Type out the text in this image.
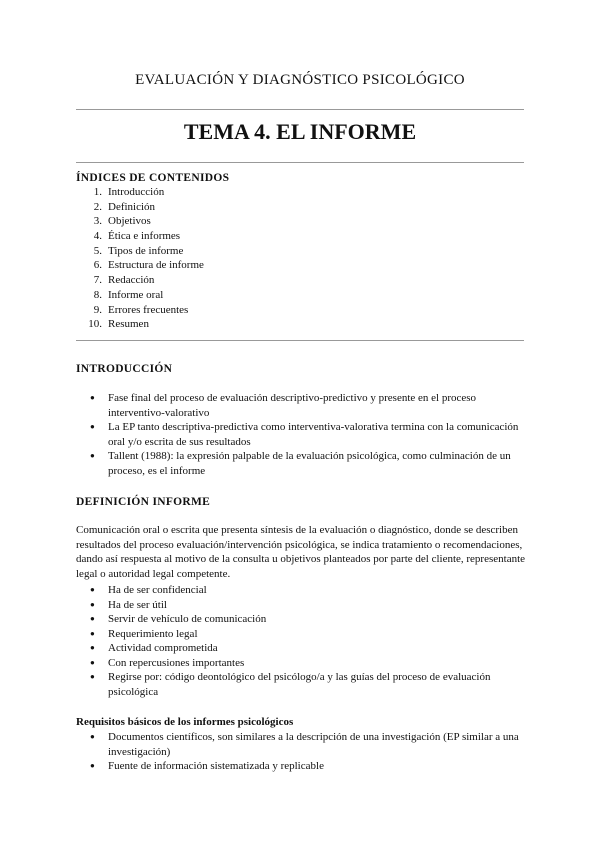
EVALUACIÓN Y DIAGNÓSTICO PSICOLÓGICO
TEMA 4. EL INFORME
ÍNDICES DE CONTENIDOS
1. Introducción
2. Definición
3. Objetivos
4. Ética e informes
5. Tipos de informe
6. Estructura de informe
7. Redacción
8. Informe oral
9. Errores frecuentes
10. Resumen
INTRODUCCIÓN
● Fase final del proceso de evaluación descriptivo-predictivo y presente en el proceso interventivo-valorativo
● La EP tanto descriptiva-predictiva como interventiva-valorativa termina con la comunicación oral y/o escrita de sus resultados
● Tallent (1988): la expresión palpable de la evaluación psicológica, como culminación de un proceso, es el informe
DEFINICIÓN INFORME
Comunicación oral o escrita que presenta síntesis de la evaluación o diagnóstico, donde se describen resultados del proceso evaluación/intervención psicológica, se indica tratamiento o recomendaciones, dando así respuesta al motivo de la consulta u objetivos planteados por parte del cliente, representante legal o autoridad legal competente.
● Ha de ser confidencial
● Ha de ser útil
● Servir de vehículo de comunicación
● Requerimiento legal
● Actividad comprometida
● Con repercusiones importantes
● Regirse por: código deontológico del psicólogo/a y las guías del proceso de evaluación psicológica
Requisitos básicos de los informes psicológicos
● Documentos científicos, son similares a la descripción de una investigación (EP similar a una investigación)
● Fuente de información sistematizada y replicable
